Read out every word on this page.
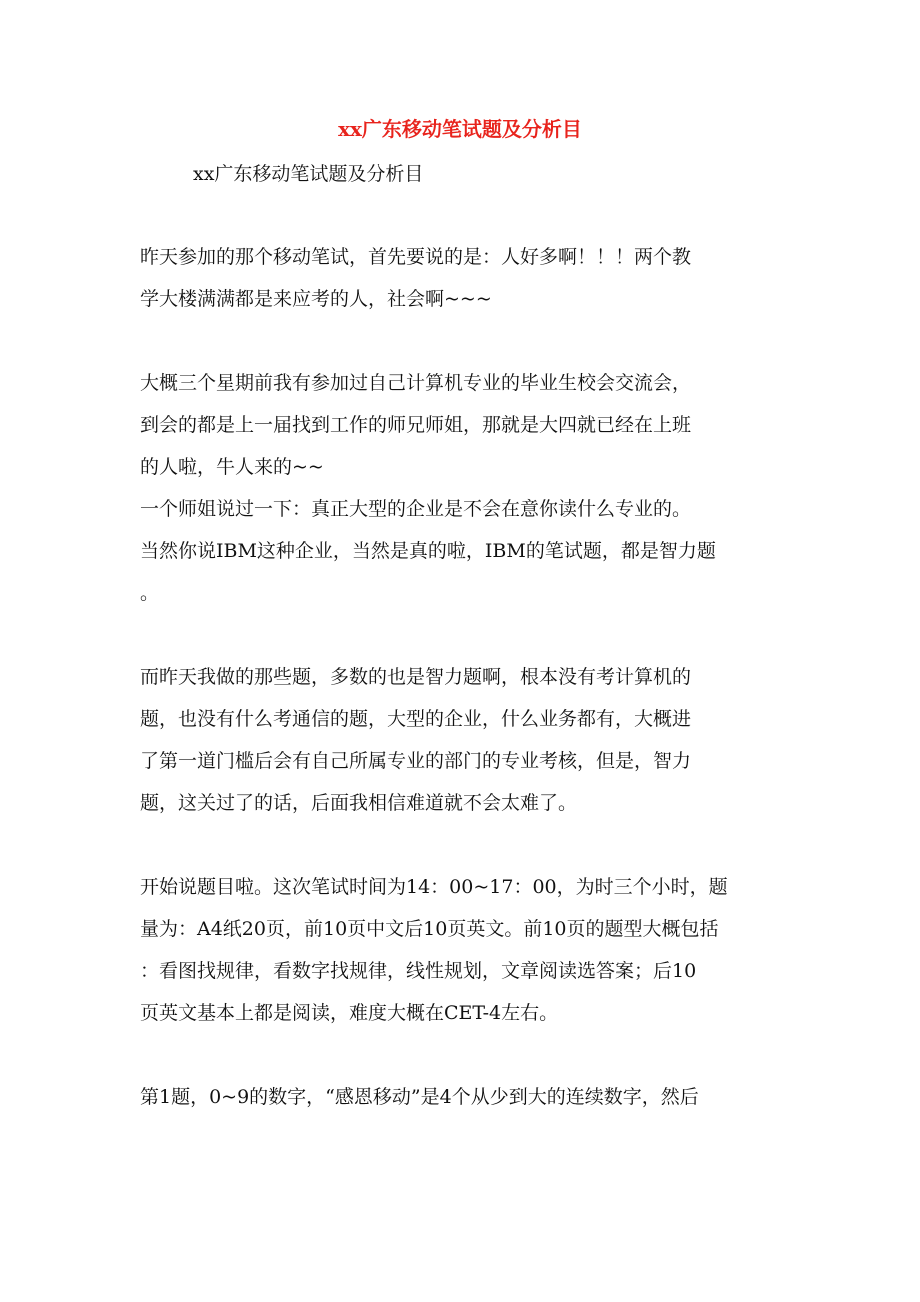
xx广东移动笔试题及分析目
xx广东移动笔试题及分析目
昨天参加的那个移动笔试，首先要说的是：人好多啊！！！两个教
学大楼满满都是来应考的人，社会啊~~~
大概三个星期前我有参加过自己计算机专业的毕业生校会交流会，
到会的都是上一届找到工作的师兄师姐，那就是大四就已经在上班
的人啦，牛人来的~~
一个师姐说过一下：真正大型的企业是不会在意你读什么专业的。
当然你说IBM这种企业，当然是真的啦，IBM的笔试题，都是智力题
。
而昨天我做的那些题，多数的也是智力题啊，根本没有考计算机的
题，也没有什么考通信的题，大型的企业，什么业务都有，大概进
了第一道门槛后会有自己所属专业的部门的专业考核，但是，智力
题，这关过了的话，后面我相信难道就不会太难了。
开始说题目啦。这次笔试时间为14：00~17：00，为时三个小时，题
量为：A4纸20页，前10页中文后10页英文。前10页的题型大概包括
：看图找规律，看数字找规律，线性规划，文章阅读选答案；后10
页英文基本上都是阅读，难度大概在CET-4左右。
第1题，0~9的数字，“感恩移动”是4个从少到大的连续数字，然后
